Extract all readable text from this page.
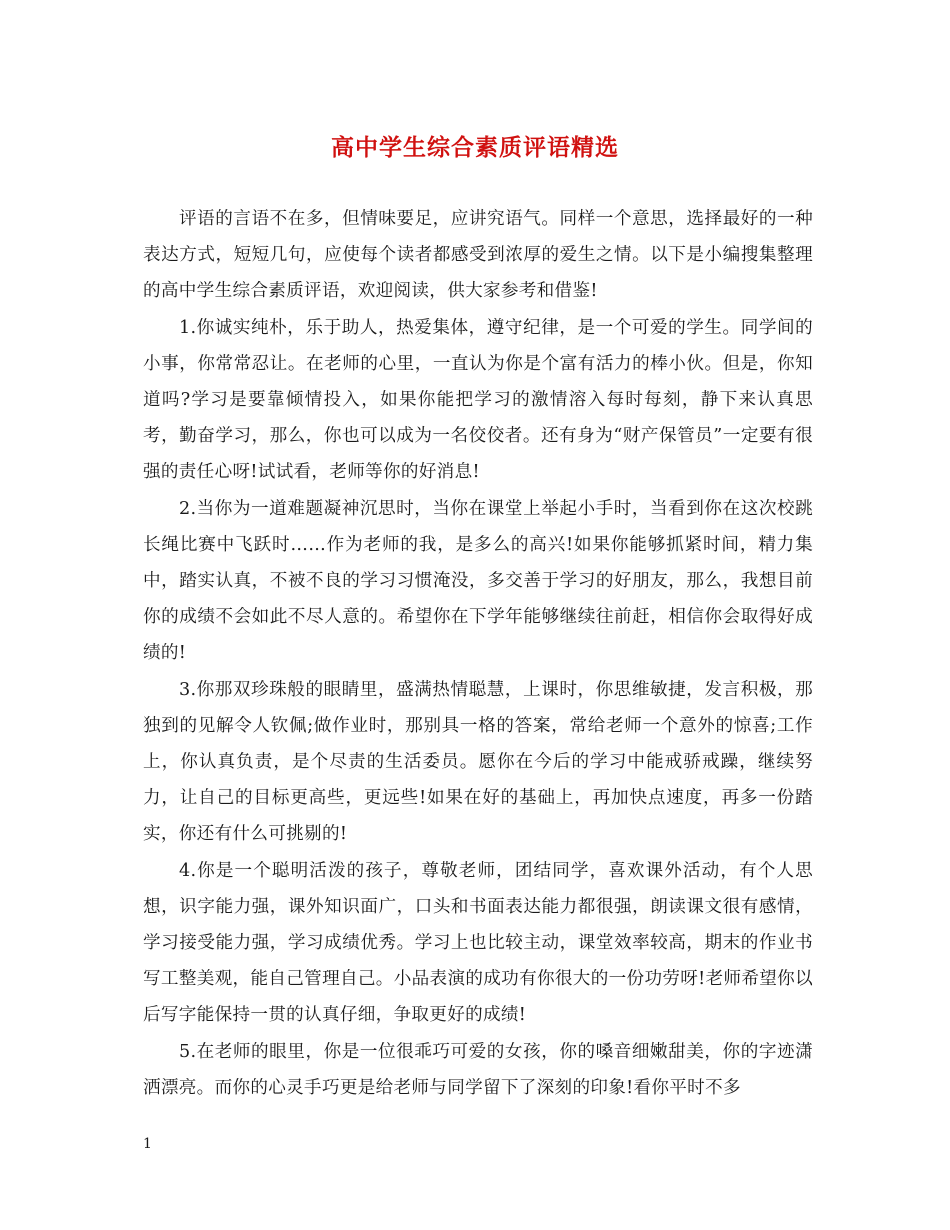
高中学生综合素质评语精选

评语的言语不在多，但情味要足，应讲究语气。同样一个意思，选择最好的一种表达方式，短短几句，应使每个读者都感受到浓厚的爱生之情。以下是小编搜集整理的高中学生综合素质评语，欢迎阅读，供大家参考和借鉴!

1.你诚实纯朴，乐于助人，热爱集体，遵守纪律，是一个可爱的学生。同学间的小事，你常常忍让。在老师的心里，一直认为你是个富有活力的棒小伙。但是，你知道吗?学习是要靠倾情投入，如果你能把学习的激情溶入每时每刻，静下来认真思考，勤奋学习，那么，你也可以成为一名佼佼者。还有身为“财产保管员”一定要有很强的责任心呀!试试看，老师等你的好消息!

2.当你为一道难题凝神沉思时，当你在课堂上举起小手时，当看到你在这次校跳长绳比赛中飞跃时……作为老师的我，是多么的高兴!如果你能够抓紧时间，精力集中，踏实认真，不被不良的学习习惯淹没，多交善于学习的好朋友，那么，我想目前你的成绩不会如此不尽人意的。希望你在下学年能够继续往前赶，相信你会取得好成绩的!

3.你那双珍珠般的眼睛里，盛满热情聪慧，上课时，你思维敏捷，发言积极，那独到的见解令人钦佩;做作业时，那别具一格的答案，常给老师一个意外的惊喜;工作上，你认真负责，是个尽责的生活委员。愿你在今后的学习中能戒骄戒躁，继续努力，让自己的目标更高些，更远些!如果在好的基础上，再加快点速度，再多一份踏实，你还有什么可挑剔的!

4.你是一个聪明活泼的孩子，尊敬老师，团结同学，喜欢课外活动，有个人思想，识字能力强，课外知识面广，口头和书面表达能力都很强，朗读课文很有感情，学习接受能力强，学习成绩优秀。学习上也比较主动，课堂效率较高，期末的作业书写工整美观，能自己管理自己。小品表演的成功有你很大的一份功劳呀!老师希望你以后写字能保持一贯的认真仔细，争取更好的成绩!

5.在老师的眼里，你是一位很乖巧可爱的女孩，你的嗓音细嫩甜美，你的字迹潇洒漂亮。而你的心灵手巧更是给老师与同学留下了深刻的印象!看你平时不多

1
